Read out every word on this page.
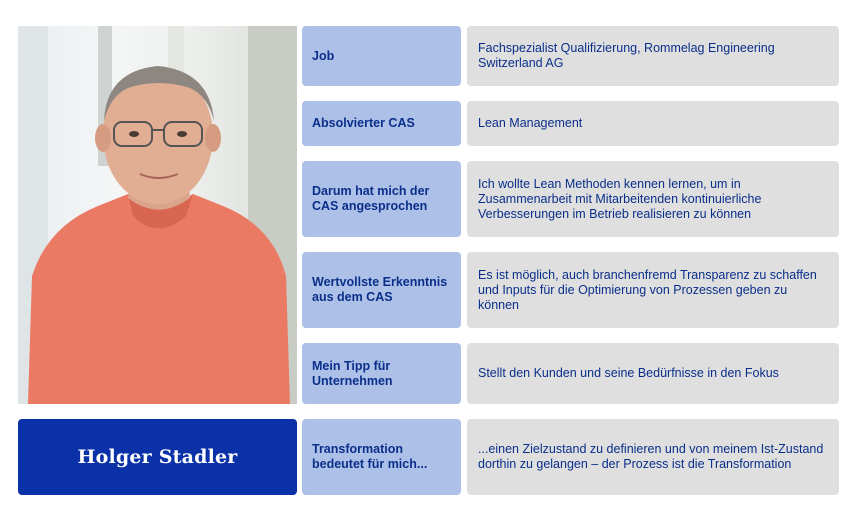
Holger Stadler
Job
Fachspezialist Qualifizierung, Rommelag Engineering Switzerland AG
Absolvierter CAS	Lean Management
Darum hat mich der CAS angesprochen
Ich wollte Lean Methoden kennen lernen, um in Zusammenarbeit mit Mitarbeitenden kontinuierliche Verbesserungen im Betrieb realisieren zu können
Wertvollste Erkenntnis aus dem CAS
Es ist möglich, auch branchenfremd Transparenz zu schaffen und Inputs für die Optimierung von Prozessen geben zu können
Mein Tipp für Unternehmen
Stellt den Kunden und seine Bedürfnisse in den Fokus
Transformation bedeutet für mich...
...einen Zielzustand zu definieren und von meinem Ist-Zustand dorthin zu gelangen – der Prozess ist die Transformation
